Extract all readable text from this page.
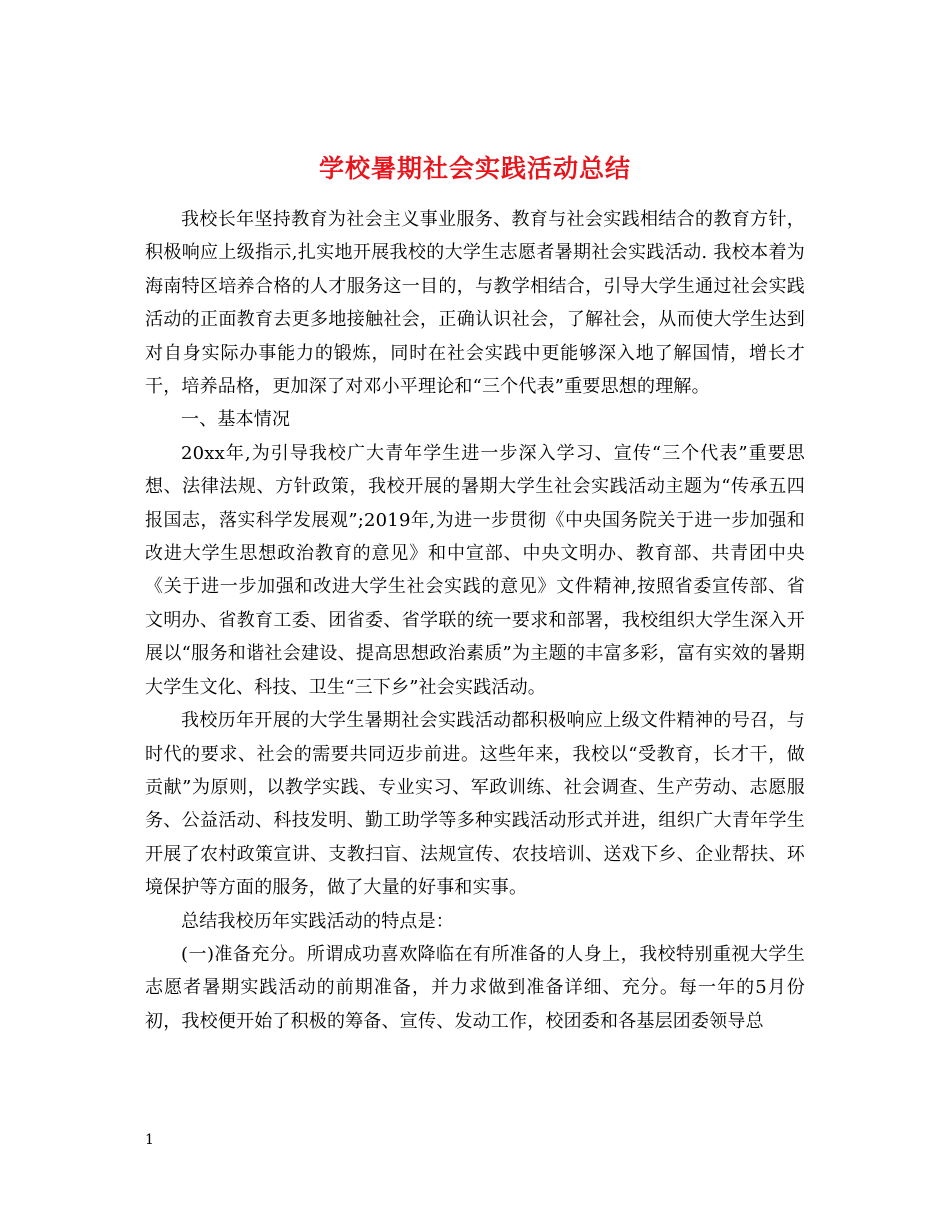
学校暑期社会实践活动总结

我校长年坚持教育为社会主义事业服务、教育与社会实践相结合的教育方针，积极响应上级指示,扎实地开展我校的大学生志愿者暑期社会实践活动. 我校本着为海南特区培养合格的人才服务这一目的，与教学相结合，引导大学生通过社会实践活动的正面教育去更多地接触社会，正确认识社会，了解社会，从而使大学生达到对自身实际办事能力的锻炼，同时在社会实践中更能够深入地了解国情，增长才干，培养品格，更加深了对邓小平理论和“三个代表”重要思想的理解。

一、基本情况

20xx年,为引导我校广大青年学生进一步深入学习、宣传“三个代表”重要思想、法律法规、方针政策，我校开展的暑期大学生社会实践活动主题为“传承五四报国志，落实科学发展观”;2019年,为进一步贯彻《中央国务院关于进一步加强和改进大学生思想政治教育的意见》和中宣部、中央文明办、教育部、共青团中央《关于进一步加强和改进大学生社会实践的意见》文件精神,按照省委宣传部、省文明办、省教育工委、团省委、省学联的统一要求和部署，我校组织大学生深入开展以“服务和谐社会建设、提高思想政治素质”为主题的丰富多彩，富有实效的暑期大学生文化、科技、卫生“三下乡”社会实践活动。

我校历年开展的大学生暑期社会实践活动都积极响应上级文件精神的号召，与时代的要求、社会的需要共同迈步前进。这些年来，我校以“受教育，长才干，做贡献”为原则，以教学实践、专业实习、军政训练、社会调查、生产劳动、志愿服务、公益活动、科技发明、勤工助学等多种实践活动形式并进，组织广大青年学生开展了农村政策宣讲、支教扫盲、法规宣传、农技培训、送戏下乡、企业帮扶、环境保护等方面的服务，做了大量的好事和实事。

总结我校历年实践活动的特点是：

(一)准备充分。所谓成功喜欢降临在有所准备的人身上，我校特别重视大学生志愿者暑期实践活动的前期准备，并力求做到准备详细、充分。每一年的5月份初，我校便开始了积极的筹备、宣传、发动工作，校团委和各基层团委领导总

1
